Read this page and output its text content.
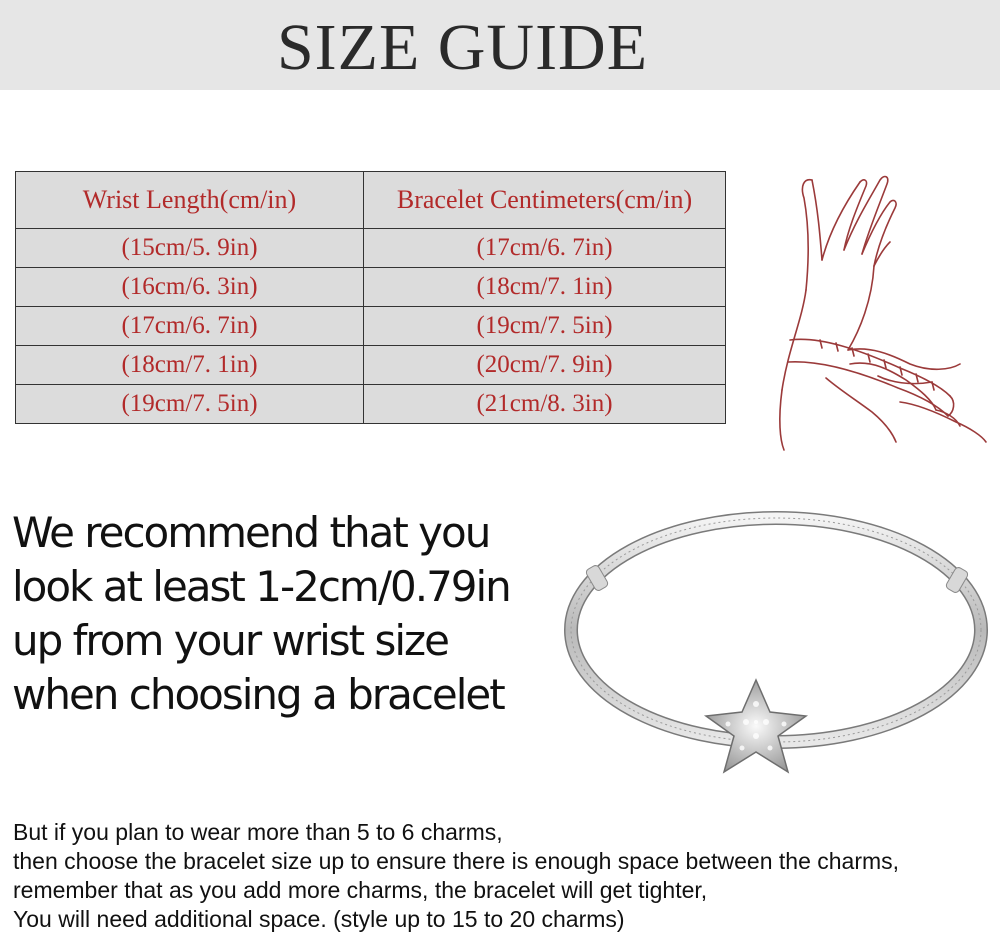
SIZE GUIDE
Wrist Length(cm/in)	Bracelet Centimeters(cm/in)
(15cm/5. 9in)	(17cm/6. 7in)
(16cm/6. 3in)	(18cm/7. 1in)
(17cm/6. 7in)	(19cm/7. 5in)
(18cm/7. 1in)	(20cm/7. 9in)
(19cm/7. 5in)	(21cm/8. 3in)
We recommend that you
look at least 1-2cm/0.79in
up from your wrist size
when choosing a bracelet
But if you plan to wear more than 5 to 6 charms,
then choose the bracelet size up to ensure there is enough space between the charms,
remember that as you add more charms, the bracelet will get tighter,
You will need additional space. (style up to 15 to 20 charms)
